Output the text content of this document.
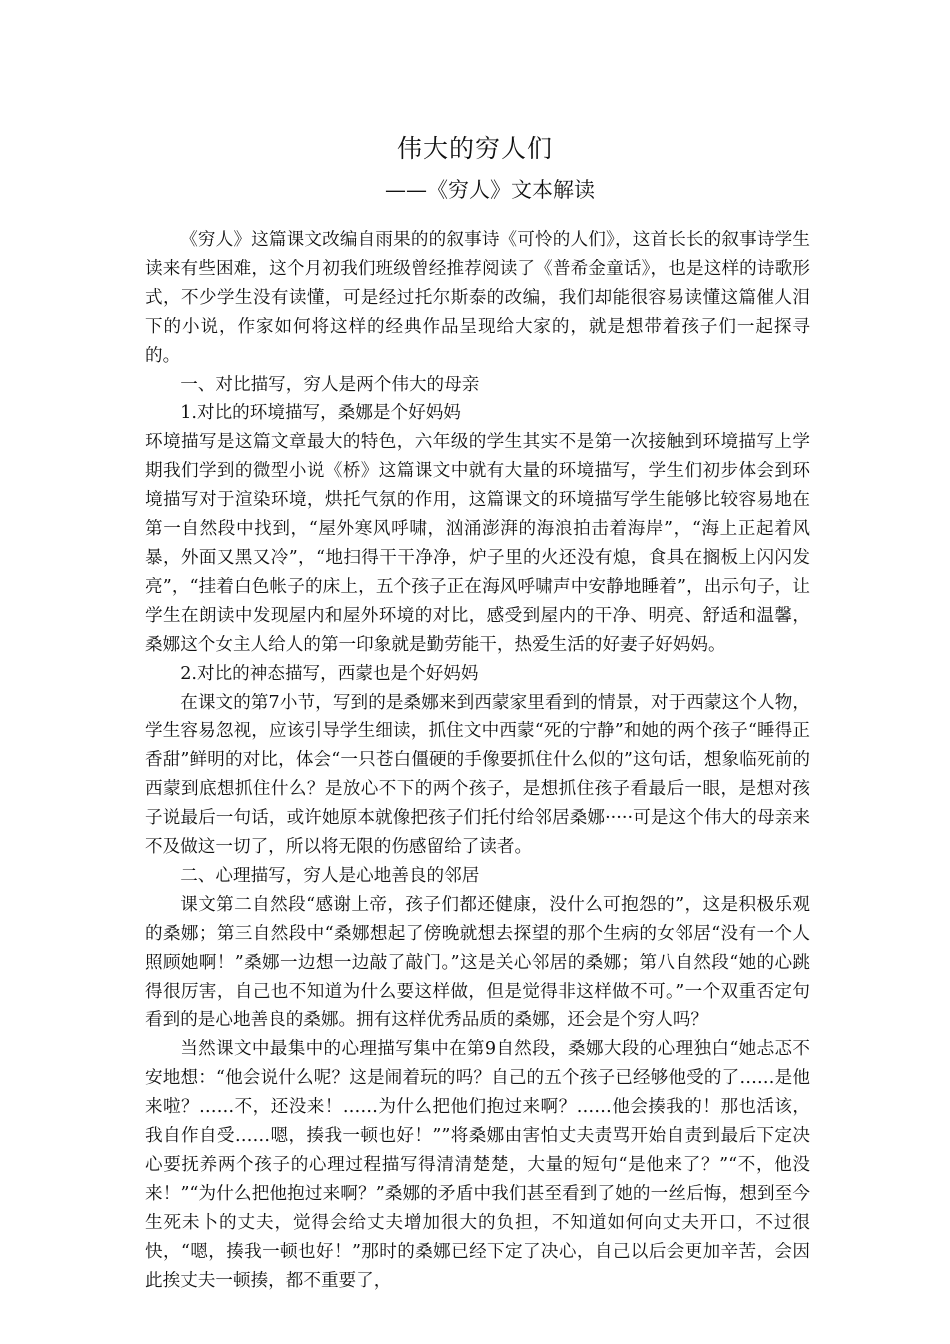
伟大的穷人们
——《穷人》文本解读

《穷人》这篇课文改编自雨果的的叙事诗《可怜的人们》，这首长长的叙事诗学生读来有些困难，这个月初我们班级曾经推荐阅读了《普希金童话》，也是这样的诗歌形式，不少学生没有读懂，可是经过托尔斯泰的改编，我们却能很容易读懂这篇催人泪下的小说，作家如何将这样的经典作品呈现给大家的，就是想带着孩子们一起探寻的。

一、对比描写，穷人是两个伟大的母亲

1.对比的环境描写，桑娜是个好妈妈

环境描写是这篇文章最大的特色，六年级的学生其实不是第一次接触到环境描写上学期我们学到的微型小说《桥》这篇课文中就有大量的环境描写，学生们初步体会到环境描写对于渲染环境，烘托气氛的作用，这篇课文的环境描写学生能够比较容易地在第一自然段中找到，“屋外寒风呼啸，汹涌澎湃的海浪拍击着海岸”，“海上正起着风暴，外面又黑又冷”，“地扫得干干净净，炉子里的火还没有熄，食具在搁板上闪闪发亮”，“挂着白色帐子的床上，五个孩子正在海风呼啸声中安静地睡着”，出示句子，让学生在朗读中发现屋内和屋外环境的对比，感受到屋内的干净、明亮、舒适和温馨，桑娜这个女主人给人的第一印象就是勤劳能干，热爱生活的好妻子好妈妈。

2.对比的神态描写，西蒙也是个好妈妈

在课文的第7小节，写到的是桑娜来到西蒙家里看到的情景，对于西蒙这个人物，学生容易忽视，应该引导学生细读，抓住文中西蒙“死的宁静”和她的两个孩子“睡得正香甜”鲜明的对比，体会“一只苍白僵硬的手像要抓住什么似的”这句话，想象临死前的西蒙到底想抓住什么？是放心不下的两个孩子，是想抓住孩子看最后一眼，是想对孩子说最后一句话，或许她原本就像把孩子们托付给邻居桑娜·····可是这个伟大的母亲来不及做这一切了，所以将无限的伤感留给了读者。

二、心理描写，穷人是心地善良的邻居

课文第二自然段“感谢上帝，孩子们都还健康，没什么可抱怨的”，这是积极乐观的桑娜；第三自然段中“桑娜想起了傍晚就想去探望的那个生病的女邻居“没有一个人照顾她啊！”桑娜一边想一边敲了敲门。”这是关心邻居的桑娜；第八自然段“她的心跳得很厉害，自己也不知道为什么要这样做，但是觉得非这样做不可。”一个双重否定句看到的是心地善良的桑娜。拥有这样优秀品质的桑娜，还会是个穷人吗？

当然课文中最集中的心理描写集中在第9自然段，桑娜大段的心理独白“她忐忑不安地想：“他会说什么呢？这是闹着玩的吗？自己的五个孩子已经够他受的了……是他来啦？……不，还没来！……为什么把他们抱过来啊？……他会揍我的！那也活该，我自作自受……嗯，揍我一顿也好！””将桑娜由害怕丈夫责骂开始自责到最后下定决心要抚养两个孩子的心理过程描写得清清楚楚，大量的短句“是他来了？”“不，他没来！”“为什么把他抱过来啊？”桑娜的矛盾中我们甚至看到了她的一丝后悔，想到至今生死未卜的丈夫，觉得会给丈夫增加很大的负担，不知道如何向丈夫开口，不过很快，“嗯，揍我一顿也好！”那时的桑娜已经下定了决心，自己以后会更加辛苦，会因此挨丈夫一顿揍，都不重要了，
